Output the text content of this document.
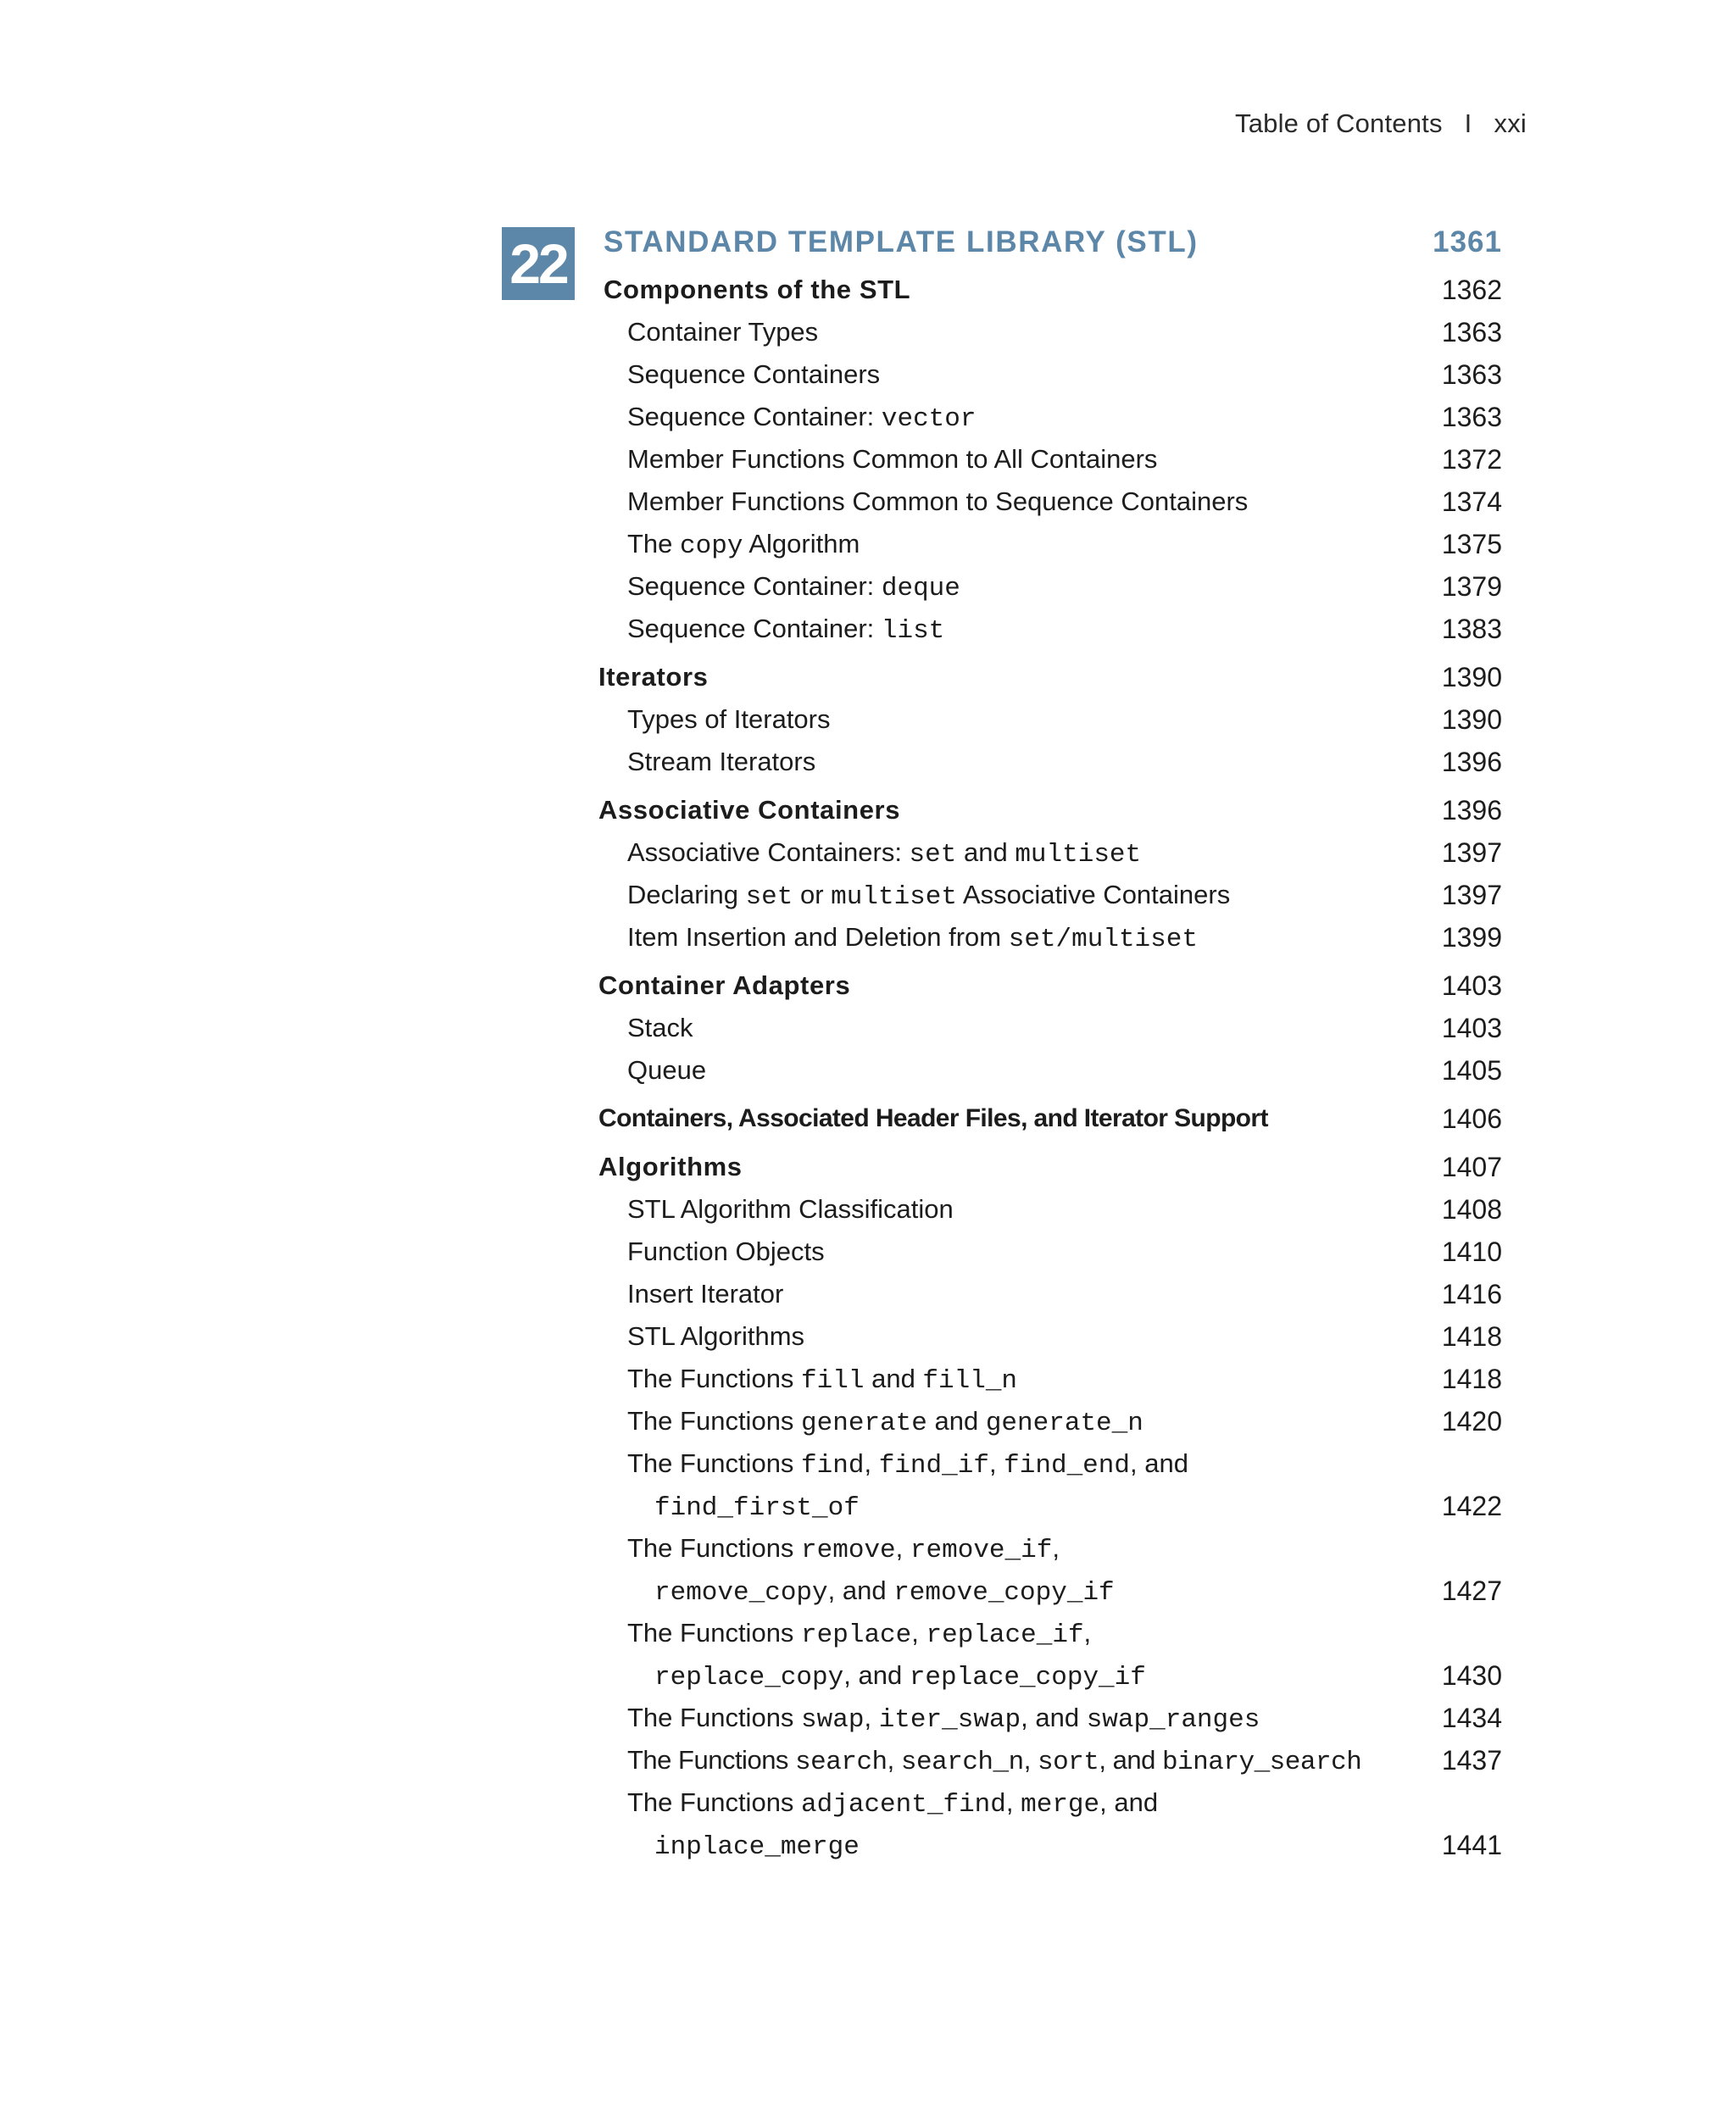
Table of Contents I xxi
22 STANDARD TEMPLATE LIBRARY (STL)	1361
Components of the STL	1362
Container Types	1363
Sequence Containers	1363
Sequence Container: vector	1363
Member Functions Common to All Containers	1372
Member Functions Common to Sequence Containers	1374
The copy Algorithm	1375
Sequence Container: deque	1379
Sequence Container: list	1383
Iterators	1390
Types of Iterators	1390
Stream Iterators	1396
Associative Containers	1396
Associative Containers: set and multiset	1397
Declaring set or multiset Associative Containers	1397
Item Insertion and Deletion from set/multiset	1399
Container Adapters	1403
Stack	1403
Queue	1405
Containers, Associated Header Files, and Iterator Support	1406
Algorithms	1407
STL Algorithm Classification	1408
Function Objects	1410
Insert Iterator	1416
STL Algorithms	1418
The Functions fill and fill_n	1418
The Functions generate and generate_n	1420
The Functions find, find_if, find_end, and
find_first_of	1422
The Functions remove, remove_if,
remove_copy, and remove_copy_if	1427
The Functions replace, replace_if,
replace_copy, and replace_copy_if	1430
The Functions swap, iter_swap, and swap_ranges	1434
The Functions search, search_n, sort, and binary_search	1437
The Functions adjacent_find, merge, and
inplace_merge	1441
